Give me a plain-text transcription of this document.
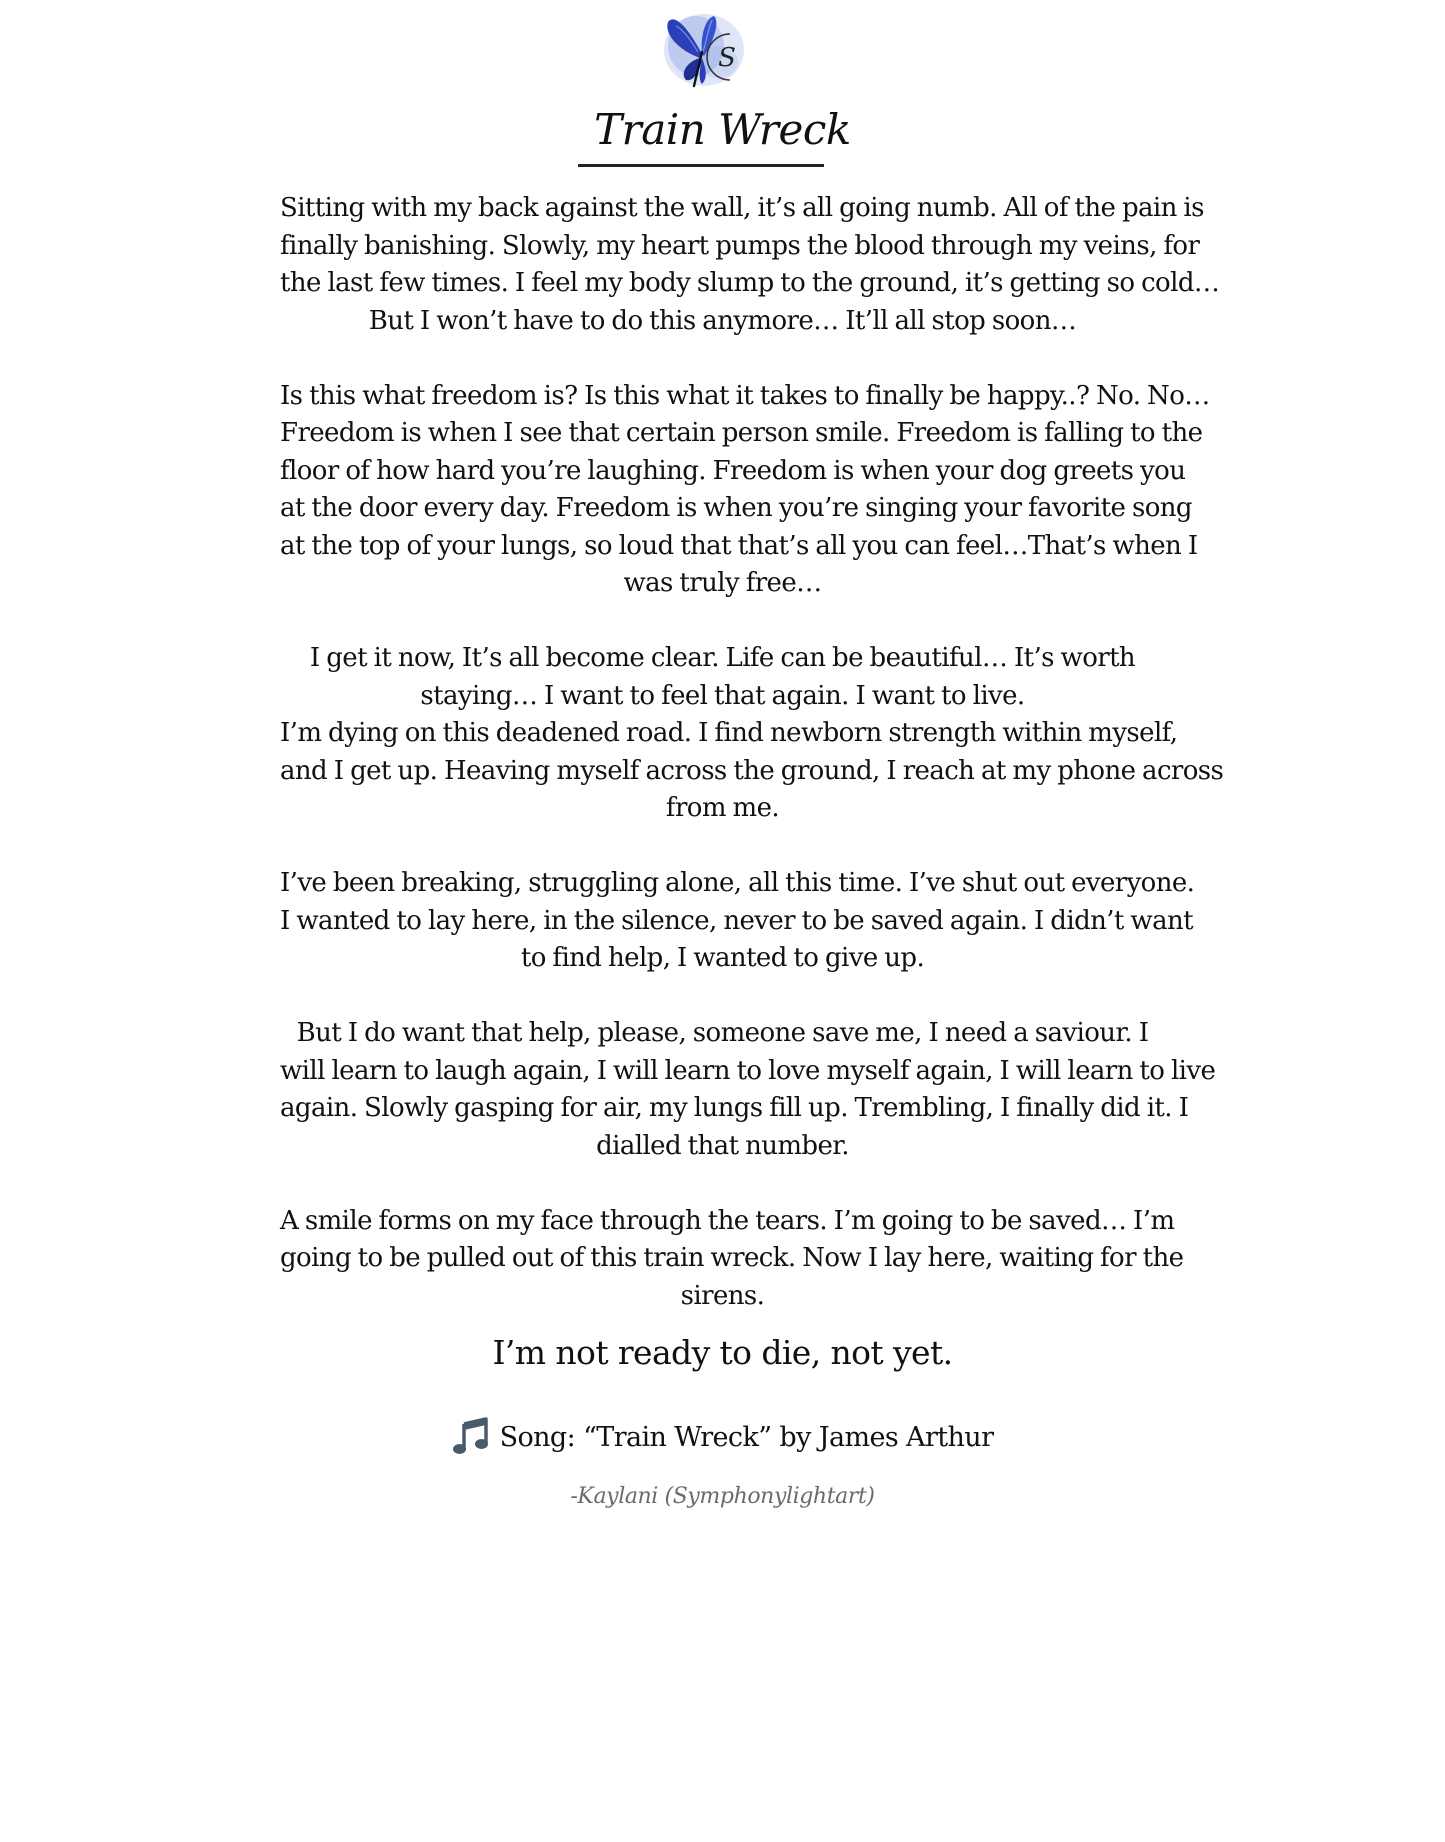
S
Train Wreck

Sitting with my back against the wall, it’s all going numb. All of the pain is
finally banishing. Slowly, my heart pumps the blood through my veins, for
the last few times. I feel my body slump to the ground, it’s getting so cold…
But I won’t have to do this anymore… It’ll all stop soon…

Is this what freedom is? Is this what it takes to finally be happy..? No. No…
Freedom is when I see that certain person smile. Freedom is falling to the
floor of how hard you’re laughing. Freedom is when your dog greets you
at the door every day. Freedom is when you’re singing your favorite song
at the top of your lungs, so loud that that’s all you can feel…That’s when I
was truly free…

I get it now, It’s all become clear. Life can be beautiful… It’s worth
staying… I want to feel that again. I want to live.
I’m dying on this deadened road. I find newborn strength within myself,
and I get up. Heaving myself across the ground, I reach at my phone across
from me.

I’ve been breaking, struggling alone, all this time. I’ve shut out everyone.
I wanted to lay here, in the silence, never to be saved again. I didn’t want
to find help, I wanted to give up.

But I do want that help, please, someone save me, I need a saviour. I
will learn to laugh again, I will learn to love myself again, I will learn to live
again. Slowly gasping for air, my lungs fill up. Trembling, I finally did it. I
dialled that number.

A smile forms on my face through the tears. I’m going to be saved… I’m
going to be pulled out of this train wreck. Now I lay here, waiting for the
sirens.

I’m not ready to die, not yet.
Song: “Train Wreck” by James Arthur
-Kaylani (Symphonylightart)
